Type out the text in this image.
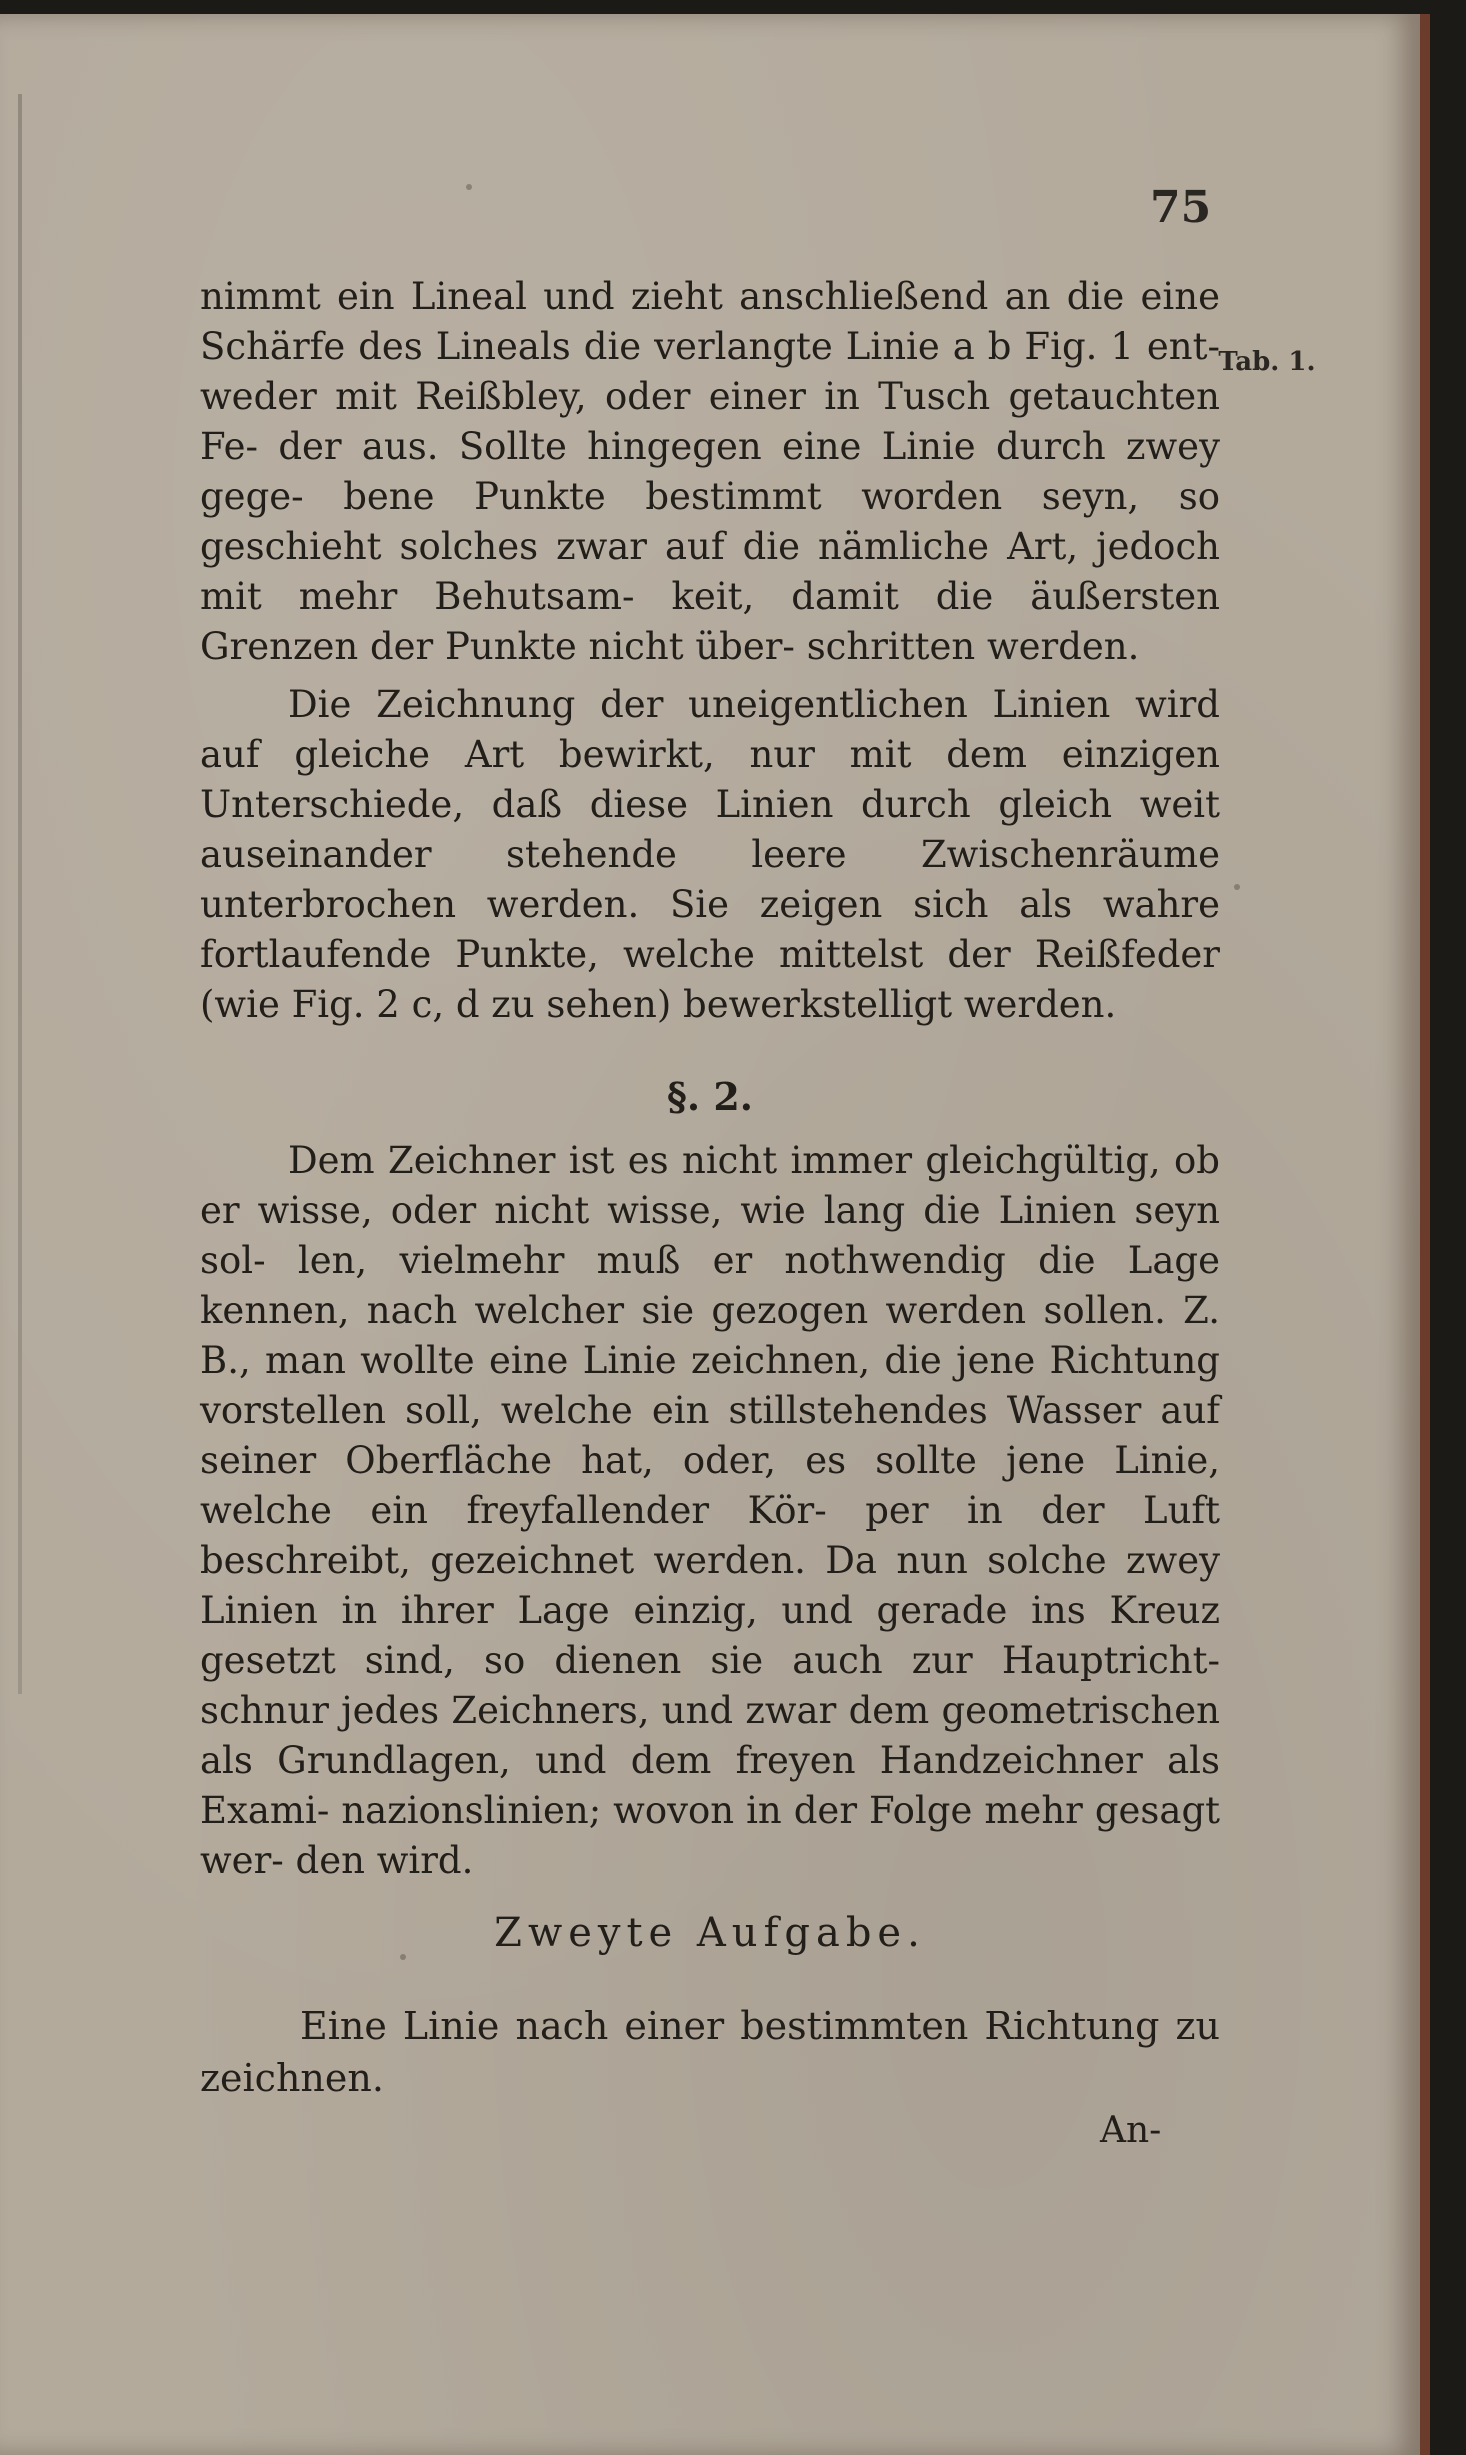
75
Tab. 1.

nimmt ein Lineal und zieht anschließend an die eine Schärfe des Lineals die verlangte Linie a b Fig. 1 ent- weder mit Reißbley, oder einer in Tusch getauchten Fe- der aus. Sollte hingegen eine Linie durch zwey gege- bene Punkte bestimmt worden seyn, so geschieht solches zwar auf die nämliche Art, jedoch mit mehr Behutsam- keit, damit die äußersten Grenzen der Punkte nicht über- schritten werden.

Die Zeichnung der uneigentlichen Linien wird auf gleiche Art bewirkt, nur mit dem einzigen Unterschiede, daß diese Linien durch gleich weit auseinander stehende leere Zwischenräume unterbrochen werden. Sie zeigen sich als wahre fortlaufende Punkte, welche mittelst der Reißfeder (wie Fig. 2 c, d zu sehen) bewerkstelligt werden.

§. 2.

Dem Zeichner ist es nicht immer gleichgültig, ob er wisse, oder nicht wisse, wie lang die Linien seyn sol- len, vielmehr muß er nothwendig die Lage kennen, nach welcher sie gezogen werden sollen. Z. B., man wollte eine Linie zeichnen, die jene Richtung vorstellen soll, welche ein stillstehendes Wasser auf seiner Oberfläche hat, oder, es sollte jene Linie, welche ein freyfallender Kör- per in der Luft beschreibt, gezeichnet werden. Da nun solche zwey Linien in ihrer Lage einzig, und gerade ins Kreuz gesetzt sind, so dienen sie auch zur Hauptricht- schnur jedes Zeichners, und zwar dem geometrischen als Grundlagen, und dem freyen Handzeichner als Exami- nazionslinien; wovon in der Folge mehr gesagt wer- den wird.

Zweyte Aufgabe.
Eine Linie nach einer bestimmten Richtung zu zeichnen.
An-
